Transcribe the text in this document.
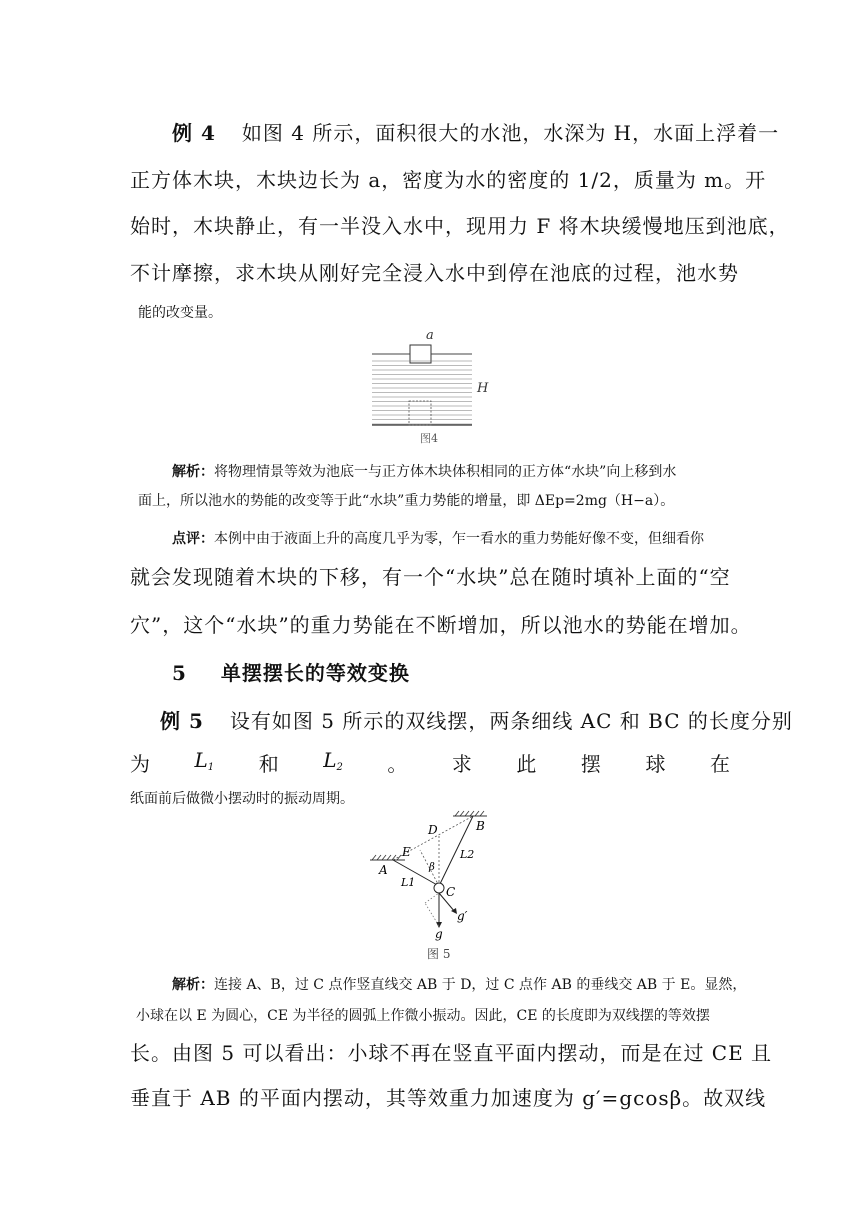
例 4 如图 4 所示，面积很大的水池，水深为 H，水面上浮着一
正方体木块，木块边长为 a，密度为水的密度的 1/2，质量为 m。开
始时，木块静止，有一半没入水中，现用力 F 将木块缓慢地压到池底，
不计摩擦，求木块从刚好完全浸入水中到停在池底的过程，池水势
能的改变量。
a
H
图4
解析：将物理情景等效为池底一与正方体木块体积相同的正方体“水块”向上移到水
面上，所以池水的势能的改变等于此“水块”重力势能的增量，即 ΔEp=2mg（H−a）。
点评：本例中由于液面上升的高度几乎为零，乍一看水的重力势能好像不变，但细看你
就会发现随着木块的下移，有一个“水块”总在随时填补上面的“空
穴”，这个“水块”的重力势能在不断增加，所以池水的势能在增加。
5 单摆摆长的等效变换
例 5 设有如图 5 所示的双线摆，两条细线 AC 和 BC 的长度分别
为 $L_1$ 和 $L_2$ 。 求 此 摆 球 在
纸面前后做微小摆动时的振动周期。
A
B
C
D
E
L1
L2
β
g
g′
图 5
解析：连接 A、B，过 C 点作竖直线交 AB 于 D，过 C 点作 AB 的垂线交 AB 于 E。显然，
小球在以 E 为圆心，CE 为半径的圆弧上作微小振动。因此，CE 的长度即为双线摆的等效摆
长。由图 5 可以看出：小球不再在竖直平面内摆动，而是在过 CE 且
垂直于 AB 的平面内摆动，其等效重力加速度为 g′=gcosβ。故双线
